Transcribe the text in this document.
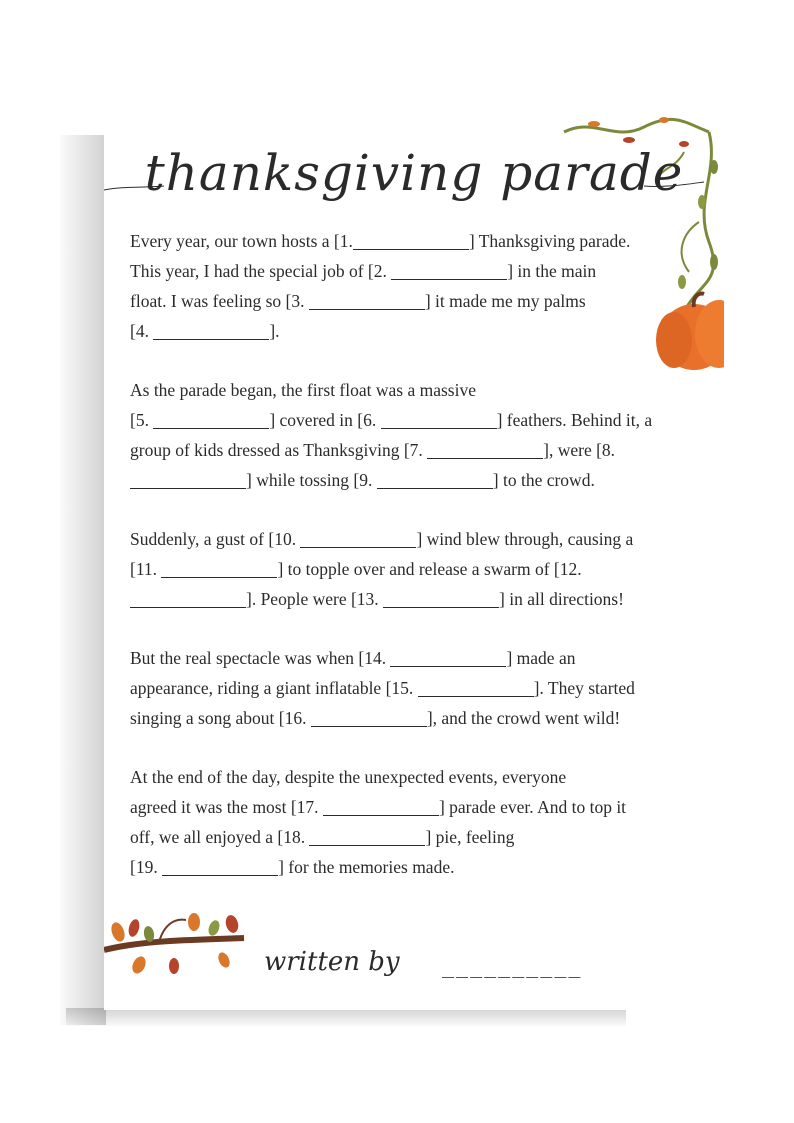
thanksgiving parade
Every year, our town hosts a [1.	] Thanksgiving parade.
This year, I had the special job of [2.	] in the main
float. I was feeling so [3.	] it made me my palms
[4.	].
As the parade began, the first float was a massive
[5.	] covered in [6.	] feathers. Behind it, a
group of kids dressed as Thanksgiving [7.	], were [8.
] while tossing [9.	] to the crowd.
Suddenly, a gust of [10.	] wind blew through, causing a
[11.	] to topple over and release a swarm of [12.
]. People were [13.	] in all directions!
But the real spectacle was when [14.	] made an
appearance, riding a giant inflatable [15.	]. They started
singing a song about [16.	], and the crowd went wild!
At the end of the day, despite the unexpected events, everyone
agreed it was the most [17.	] parade ever. And to top it
off, we all enjoyed a [18.	] pie, feeling
[19.	] for the memories made.
written by __________
